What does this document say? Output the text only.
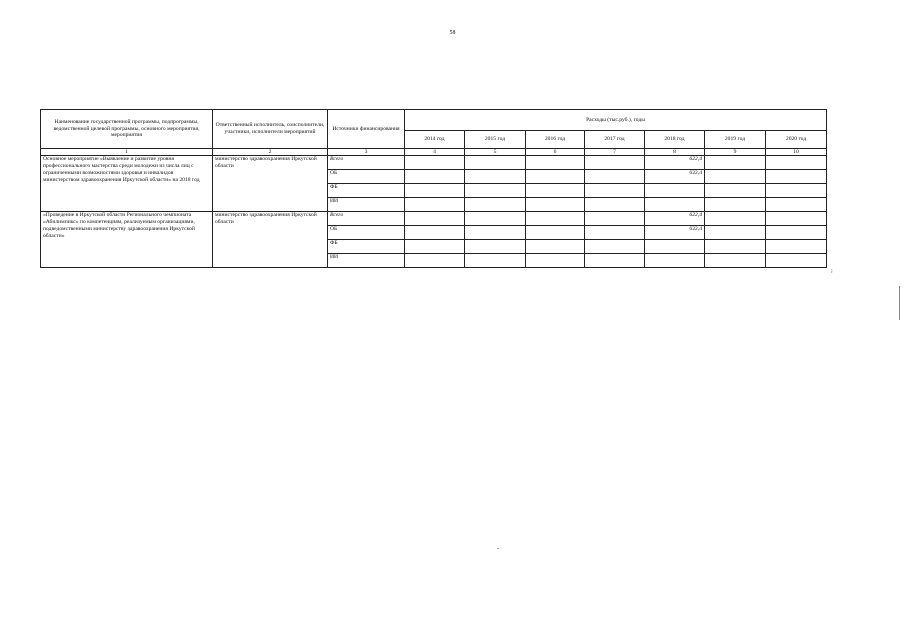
58
Наименование государственной программы, подпрограммы, ведомственной целевой программы, основного мероприятия, мероприятия	Ответственный исполнитель, соисполнители, участники, исполнители мероприятий	Источники финансирования	Расходы (тыс.руб.), годы						
			2014 год	2015 год	2016 год	2017 год	2018 год	2019 год	2020 год
1	2	3	4	5	6	7	8	9	10
Основное мероприятие «Выявление и развитие уровня профессионального мастерства среди молодежи из числа лиц с ограниченными возможностями здоровья и инвалидов министерством здравоохранения Иркутской области» на 2018 год	министерство здравоохранения Иркутской области	Всего					622,4		
		ОБ					622,4		
		ФБ							
		ИИ							
«Проведение в Иркутской области Регионального чемпионата «Абилимпикс» по компетенциям, реализуемым организациями, подведомственными министерству здравоохранения Иркутской области»	министерство здравоохранения Иркутской области	Всего					622,4		
		ОБ					622,4		
		ФБ							
		ИИ							
;
